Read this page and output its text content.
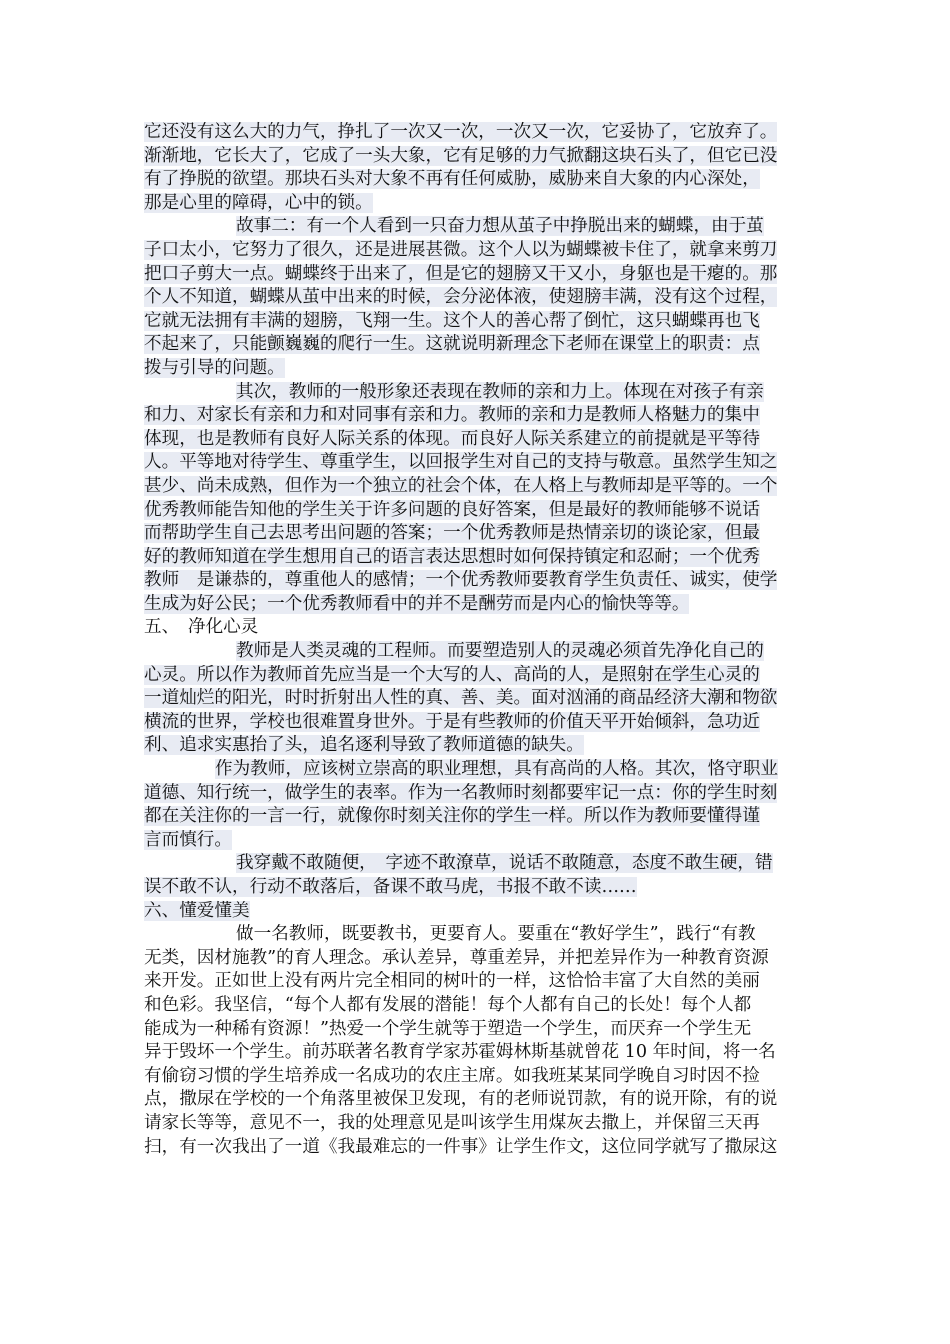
它还没有这么大的力气，挣扎了一次又一次，一次又一次，它妥协了，它放弃了。
渐渐地，它长大了，它成了一头大象，它有足够的力气掀翻这块石头了，但它已没
有了挣脱的欲望。那块石头对大象不再有任何威胁，威胁来自大象的内心深处，
那是心里的障碍，心中的锁。
故事二：有一个人看到一只奋力想从茧子中挣脱出来的蝴蝶，由于茧
子口太小，它努力了很久，还是进展甚微。这个人以为蝴蝶被卡住了，就拿来剪刀
把口子剪大一点。蝴蝶终于出来了，但是它的翅膀又干又小，身躯也是干瘪的。那
个人不知道，蝴蝶从茧中出来的时候，会分泌体液，使翅膀丰满，没有这个过程，
它就无法拥有丰满的翅膀，飞翔一生。这个人的善心帮了倒忙，这只蝴蝶再也飞
不起来了，只能颤巍巍的爬行一生。这就说明新理念下老师在课堂上的职责：点
拨与引导的问题。
其次，教师的一般形象还表现在教师的亲和力上。体现在对孩子有亲
和力、对家长有亲和力和对同事有亲和力。教师的亲和力是教师人格魅力的集中
体现，也是教师有良好人际关系的体现。而良好人际关系建立的前提就是平等待
人。平等地对待学生、尊重学生，以回报学生对自己的支持与敬意。虽然学生知之
甚少、尚未成熟，但作为一个独立的社会个体，在人格上与教师却是平等的。一个
优秀教师能告知他的学生关于许多问题的良好答案，但是最好的教师能够不说话
而帮助学生自己去思考出问题的答案；一个优秀教师是热情亲切的谈论家，但最
好的教师知道在学生想用自己的语言表达思想时如何保持镇定和忍耐；一个优秀
教师　是谦恭的，尊重他人的感情；一个优秀教师要教育学生负责任、诚实，使学
生成为好公民；一个优秀教师看中的并不是酬劳而是内心的愉快等等。
五、　净化心灵
教师是人类灵魂的工程师。而要塑造别人的灵魂必须首先净化自己的
心灵。所以作为教师首先应当是一个大写的人、高尚的人，是照射在学生心灵的
一道灿烂的阳光，时时折射出人性的真、善、美。面对汹涌的商品经济大潮和物欲
横流的世界，学校也很难置身世外。于是有些教师的价值天平开始倾斜，急功近
利、追求实惠抬了头，追名逐利导致了教师道德的缺失。
作为教师，应该树立崇高的职业理想，具有高尚的人格。其次，恪守职业
道德、知行统一，做学生的表率。作为一名教师时刻都要牢记一点：你的学生时刻
都在关注你的一言一行，就像你时刻关注你的学生一样。所以作为教师要懂得谨
言而慎行。
我穿戴不敢随便，　字迹不敢潦草，说话不敢随意，态度不敢生硬，错
误不敢不认，行动不敢落后，备课不敢马虎，书报不敢不读……
六、懂爱懂美
做一名教师，既要教书，更要育人。要重在“教好学生”，践行“有教
无类，因材施教”的育人理念。承认差异，尊重差异，并把差异作为一种教育资源
来开发。正如世上没有两片完全相同的树叶的一样，这恰恰丰富了大自然的美丽
和色彩。我坚信，“每个人都有发展的潜能！每个人都有自己的长处！每个人都
能成为一种稀有资源！”热爱一个学生就等于塑造一个学生，而厌弃一个学生无
异于毁坏一个学生。前苏联著名教育学家苏霍姆林斯基就曾花 10 年时间，将一名
有偷窃习惯的学生培养成一名成功的农庄主席。如我班某某同学晚自习时因不捡
点，撒尿在学校的一个角落里被保卫发现，有的老师说罚款，有的说开除，有的说
请家长等等，意见不一，我的处理意见是叫该学生用煤灰去撒上，并保留三天再
扫，有一次我出了一道《我最难忘的一件事》让学生作文，这位同学就写了撒尿这
